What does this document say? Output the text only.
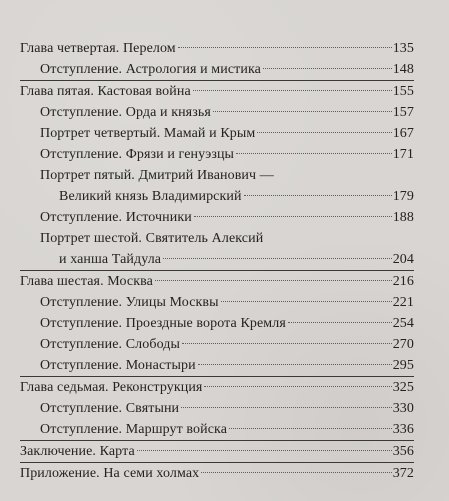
Глава четвертая. Перелом	135
Отступление. Астрология и мистика	148
Глава пятая. Кастовая война	155
Отступление. Орда и князья	157
Портрет четвертый. Мамай и Крым	167
Отступление. Фрязи и генуэзцы	171
Портрет пятый. Дмитрий Иванович —
Великий князь Владимирский	179
Отступление. Источники	188
Портрет шестой. Святитель Алексий
и ханша Тайдула	204
Глава шестая. Москва	216
Отступление. Улицы Москвы	221
Отступление. Проездные ворота Кремля	254
Отступление. Слободы	270
Отступление. Монастыри	295
Глава седьмая. Реконструкция	325
Отступление. Святыни	330
Отступление. Маршрут войска	336
Заключение. Карта	356
Приложение. На семи холмах	372
